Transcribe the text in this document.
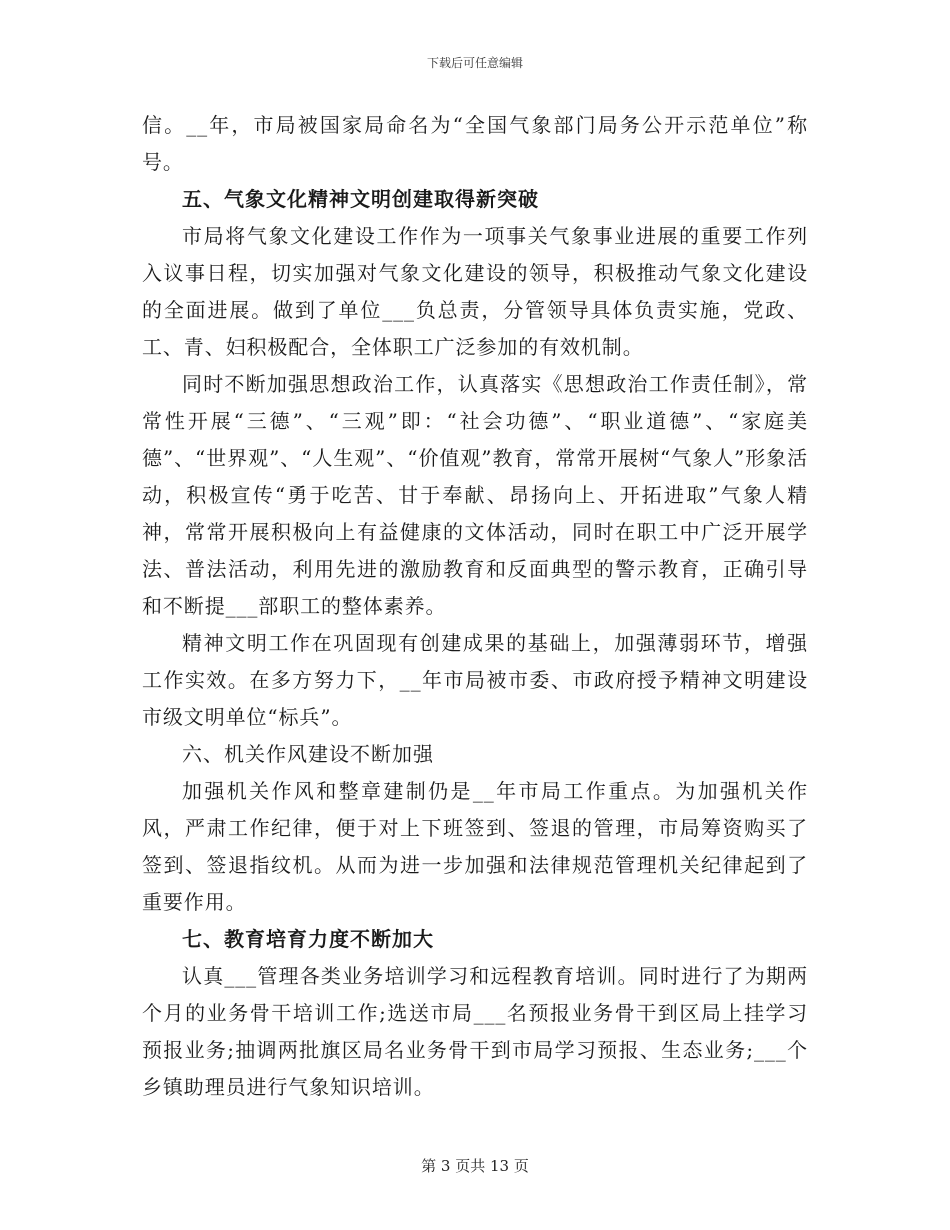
下载后可任意编辑

信。__年，市局被国家局命名为“全国气象部门局务公开示范单位”称号。

五、气象文化精神文明创建取得新突破

市局将气象文化建设工作作为一项事关气象事业进展的重要工作列入议事日程，切实加强对气象文化建设的领导，积极推动气象文化建设的全面进展。做到了单位___负总责，分管领导具体负责实施，党政、工、青、妇积极配合，全体职工广泛参加的有效机制。

同时不断加强思想政治工作，认真落实《思想政治工作责任制》，常常性开展“三德”、“三观”即：“社会功德”、“职业道德”、“家庭美德”、“世界观”、“人生观”、“价值观”教育，常常开展树“气象人”形象活动，积极宣传“勇于吃苦、甘于奉献、昂扬向上、开拓进取”气象人精神，常常开展积极向上有益健康的文体活动，同时在职工中广泛开展学法、普法活动，利用先进的激励教育和反面典型的警示教育，正确引导和不断提___部职工的整体素养。

精神文明工作在巩固现有创建成果的基础上，加强薄弱环节，增强工作实效。在多方努力下，__年市局被市委、市政府授予精神文明建设市级文明单位“标兵”。

六、机关作风建设不断加强

加强机关作风和整章建制仍是__年市局工作重点。为加强机关作风，严肃工作纪律，便于对上下班签到、签退的管理，市局筹资购买了签到、签退指纹机。从而为进一步加强和法律规范管理机关纪律起到了重要作用。

七、教育培育力度不断加大

认真___管理各类业务培训学习和远程教育培训。同时进行了为期两个月的业务骨干培训工作;选送市局___名预报业务骨干到区局上挂学习预报业务;抽调两批旗区局名业务骨干到市局学习预报、生态业务;___个乡镇助理员进行气象知识培训。

第 3 页共 13 页
